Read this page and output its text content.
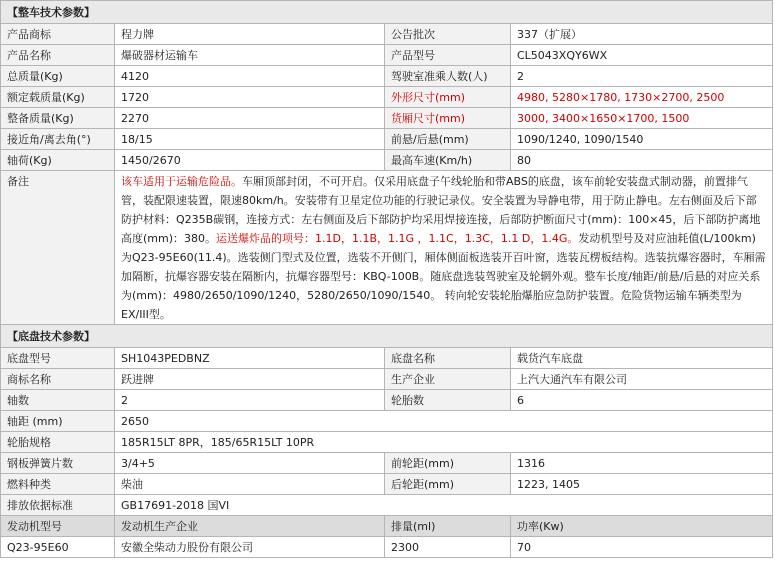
【整车技术参数】			
产品商标	程力牌	公告批次	337（扩展）
产品名称	爆破器材运输车	产品型号	CL5043XQY6WX
总质量(Kg)	4120	驾驶室准乘人数(人)	2
额定载质量(Kg)	1720	外形尺寸(mm)	4980, 5280×1780, 1730×2700, 2500
整备质量(Kg)	2270	货厢尺寸(mm)	3000, 3400×1650×1700, 1500
接近角/离去角(°)	18/15	前悬/后悬(mm)	1090/1240, 1090/1540
轴荷(Kg)	1450/2670	最高车速(Km/h)	80
备注	该车适用于运输危险品。车厢顶部封闭，不可开启。仅采用底盘子午线轮胎和带ABS的底盘，该车前轮安装盘式制动器，前置排气管，装配限速装置，限速80km/h。安装带有卫星定位功能的行驶记录仪。安全装置为导静电带，用于防止静电。左右侧面及后下部防护材料：Q235B碳钢，连接方式：左右侧面及后下部防护均采用焊接连接，后部防护断面尺寸(mm)：100×45，后下部防护离地高度(mm)：380。运送爆炸品的项号：1.1D，1.1B，1.1G ，1.1C，1.3C，1.1 D，1.4G。发动机型号及对应油耗值(L/100km)为Q23-95E60(11.4)。选装侧门型式及位置，选装不开侧门，厢体侧面板选装开百叶窗，选装瓦楞板结构。选装抗爆容器时，车厢需加隔断，抗爆容器安装在隔断内，抗爆容器型号：KBQ-100B。随底盘选装驾驶室及轮辋外观。整车长度/轴距/前悬/后悬的对应关系为(mm)：4980/2650/1090/1240，5280/2650/1090/1540。 转向轮安装轮胎爆胎应急防护装置。危险货物运输车辆类型为EX/III型。		
【底盘技术参数】			
底盘型号	SH1043PEDBNZ	底盘名称	载货汽车底盘
商标名称	跃进牌	生产企业	上汽大通汽车有限公司
轴数	2	轮胎数	6
轴距 (mm)	2650		
轮胎规格	185R15LT 8PR，185/65R15LT 10PR		
钢板弹簧片数	3/4+5	前轮距(mm)	1316
燃料种类	柴油	后轮距(mm)	1223, 1405
排放依据标准	GB17691-2018 国VI		
发动机型号	发动机生产企业	排量(ml)	功率(Kw)
Q23-95E60	安徽全柴动力股份有限公司	2300	70
